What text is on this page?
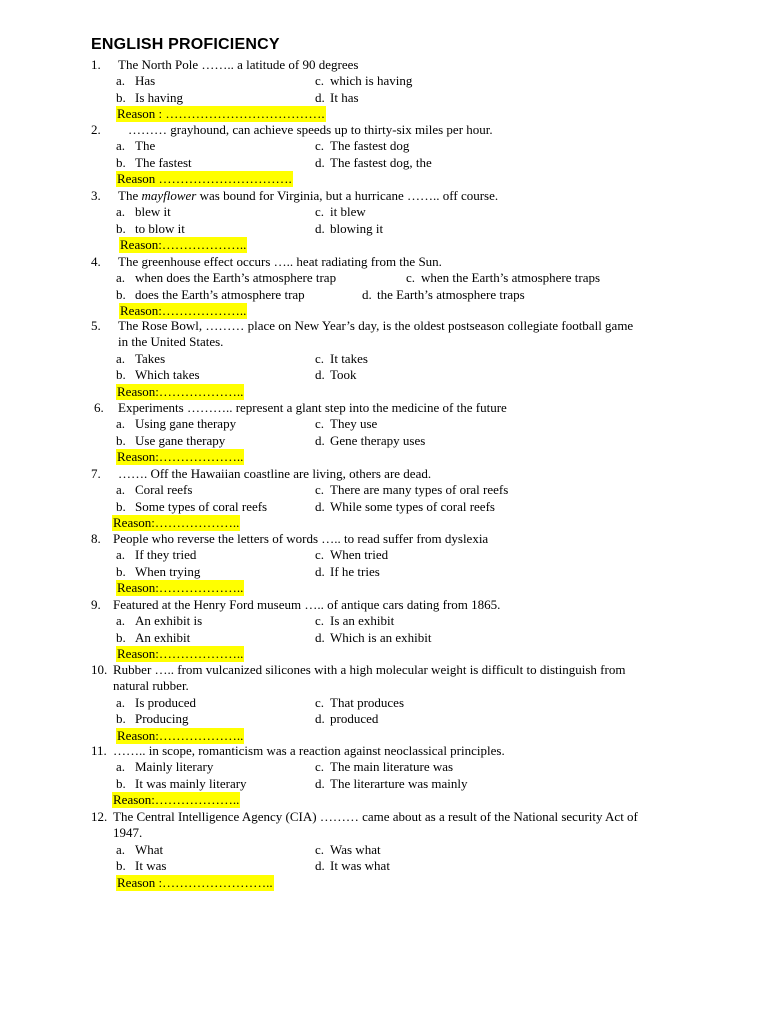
ENGLISH PROFICIENCY
1. The North Pole …….. a latitude of 90 degrees
a. Has	c. which is having
b. Is having	d. It has
Reason : ……………………………….
2. ……… grayhound, can achieve speeds up to thirty-six miles per hour.
a. The	c. The fastest dog
b. The fastest	d. The fastest dog, the
Reason ………………………….
3. The mayflower was bound for Virginia, but a hurricane …….. off course.
a. blew it	c. it blew
b. to blow it	d. blowing it
Reason:………………..
4. The greenhouse effect occurs ….. heat radiating from the Sun.
a. when does the Earth’s atmosphere trap	c. when the Earth’s atmosphere traps
b. does the Earth’s atmosphere trap	d. the Earth’s atmosphere traps
Reason:………………..
5. The Rose Bowl, ……… place on New Year’s day, is the oldest postseason collegiate football game
in the United States.
a. Takes	c. It takes
b. Which takes	d. Took
Reason:………………..
6. Experiments ……….. represent a glant step into the medicine of the future
a. Using gane therapy	c. They use
b. Use gane therapy	d. Gene therapy uses
Reason:………………..
7. ……. Off the Hawaiian coastline are living, others are dead.
a. Coral reefs	c. There are many types of oral reefs
b. Some types of coral reefs	d. While some types of coral reefs
Reason:………………..
8. People who reverse the letters of words ….. to read suffer from dyslexia
a. If they tried	c. When tried
b. When trying	d. If he tries
Reason:………………..
9. Featured at the Henry Ford museum ….. of antique cars dating from 1865.
a. An exhibit is	c. Is an exhibit
b. An exhibit	d. Which is an exhibit
Reason:………………..
10. Rubber ….. from vulcanized silicones with a high molecular weight is difficult to distinguish from
natural rubber.
a. Is produced	c. That produces
b. Producing	d. produced
Reason:………………..
11. …….. in scope, romanticism was a reaction against neoclassical principles.
a. Mainly literary	c. The main literature was
b. It was mainly literary	d. The literarture was mainly
Reason:………………..
12. The Central Intelligence Agency (CIA) ……… came about as a result of the National security Act of
1947.
a. What	c. Was what
b. It was	d. It was what
Reason :……………………..
